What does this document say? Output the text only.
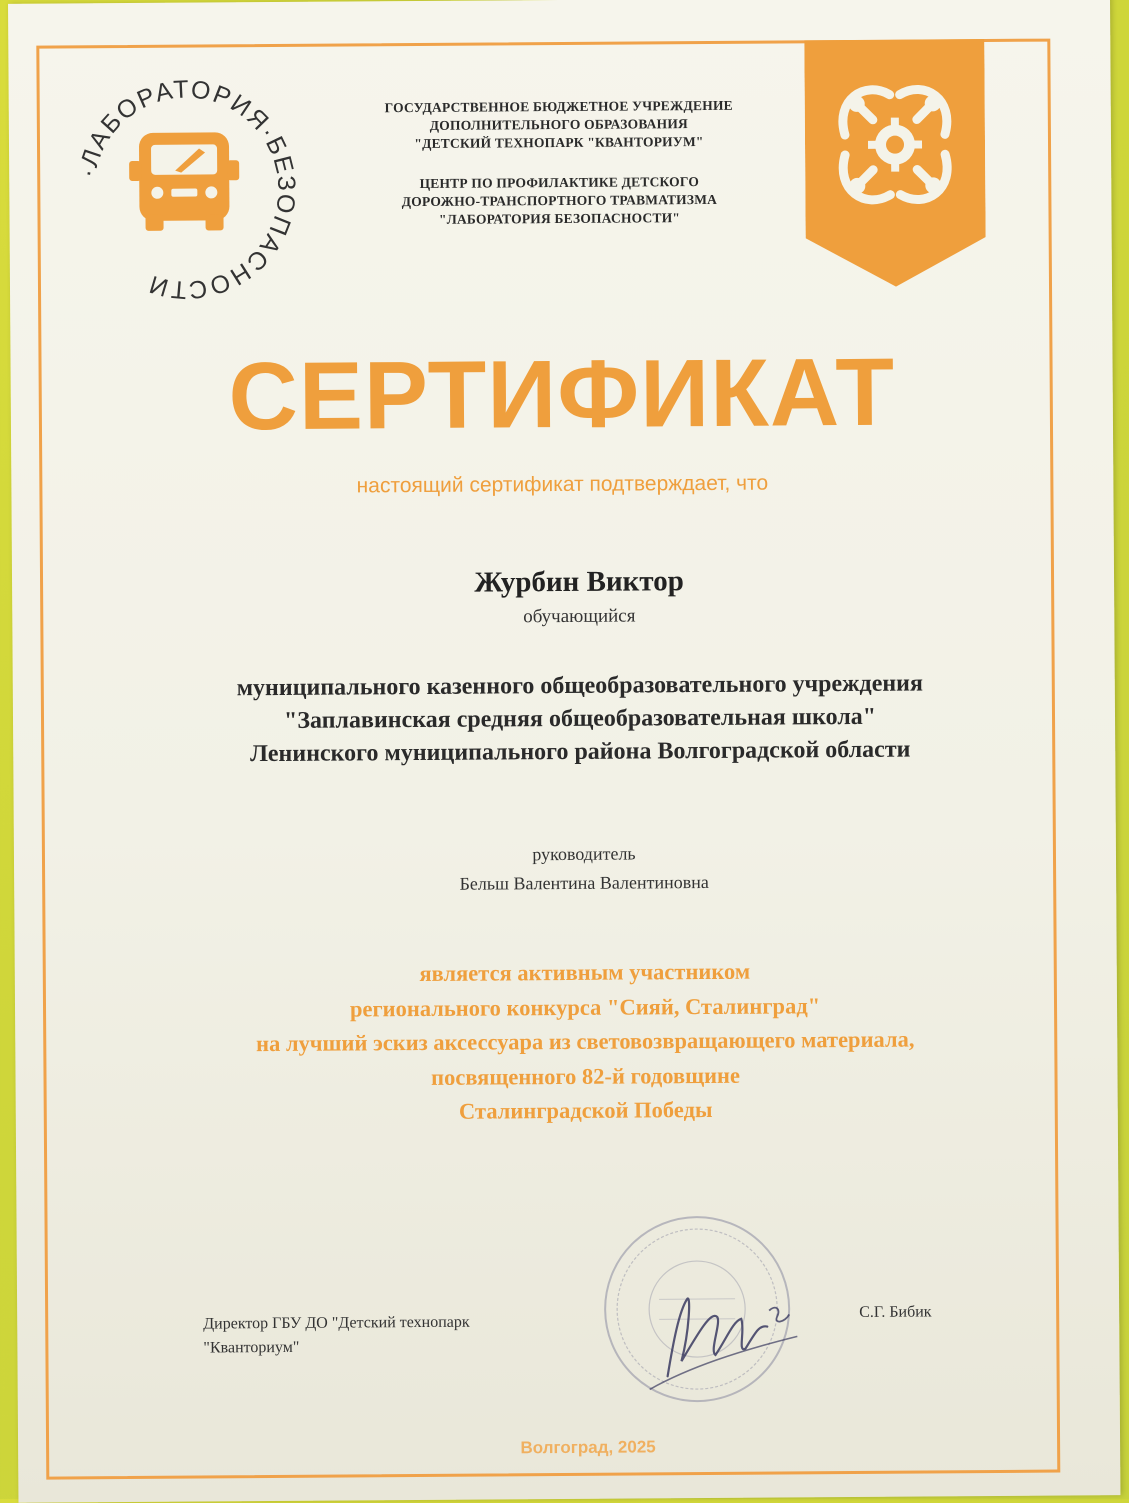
·ЛАБОРАТОРИЯ·БЕЗОПАСНОСТИ
ГОСУДАРСТВЕННОЕ БЮДЖЕТНОЕ УЧРЕЖДЕНИЕ
ДОПОЛНИТЕЛЬНОГО ОБРАЗОВАНИЯ
"ДЕТСКИЙ ТЕХНОПАРК "КВАНТОРИУМ"
ЦЕНТР ПО ПРОФИЛАКТИКЕ ДЕТСКОГО
ДОРОЖНО-ТРАНСПОРТНОГО ТРАВМАТИЗМА
"ЛАБОРАТОРИЯ БЕЗОПАСНОСТИ"
СЕРТИФИКАТ
настоящий сертификат подтверждает, что
Журбин Виктор
обучающийся
муниципального казенного общеобразовательного учреждения
"Заплавинская средняя общеобразовательная школа"
Ленинского муниципального района Волгоградской области
руководитель
Бельш Валентина Валентиновна
является активным участником
регионального конкурса "Сияй, Сталинград"
на лучший эскиз аксессуара из световозвращающего материала,
посвященного 82-й годовщине
Сталинградской Победы
Директор ГБУ ДО "Детский технопарк
"Кванториум"
С.Г. Бибик
Волгоград, 2025
